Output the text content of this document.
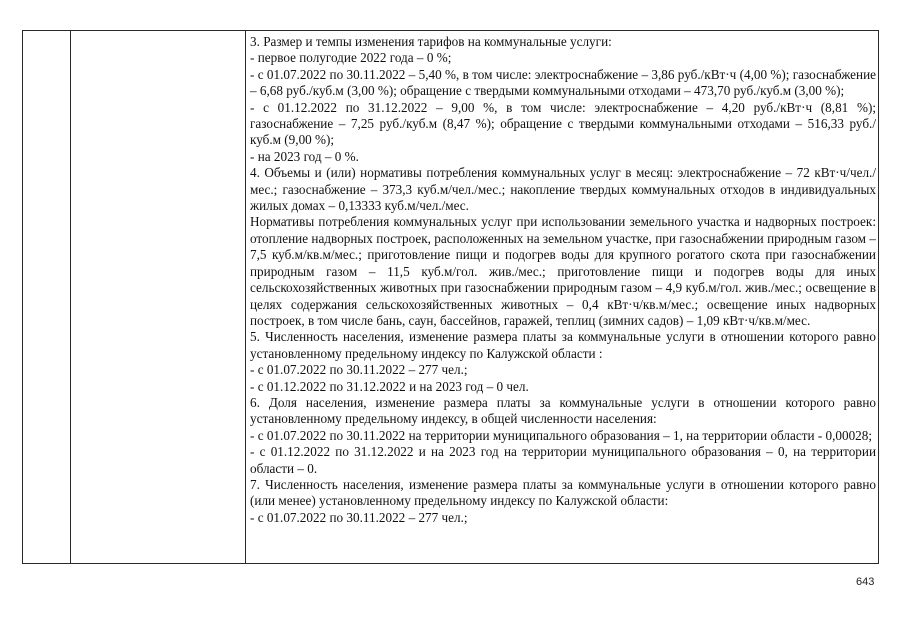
3. Размер и темпы изменения тарифов на коммунальные услуги:

- первое полугодие 2022 года – 0 %;

- с 01.07.2022 по 30.11.2022 – 5,40 %, в том числе: электроснабжение – 3,86 руб./кВт·ч (4,00 %); газоснабжение – 6,68 руб./куб.м (3,00 %); обращение с твердыми коммунальными отходами – 473,70 руб./куб.м (3,00 %);

- с 01.12.2022 по 31.12.2022 – 9,00 %, в том числе: электроснабжение – 4,20 руб./кВт·ч (8,81 %); газоснабжение – 7,25 руб./куб.м (8,47 %); обращение с твердыми коммунальными отходами – 516,33 руб./куб.м (9,00 %);

- на 2023 год – 0 %.

4. Объемы и (или) нормативы потребления коммунальных услуг в месяц: электроснабжение – 72 кВт·ч/чел./мес.; газоснабжение – 373,3 куб.м/чел./мес.; накопление твердых коммунальных отходов в индивидуальных жилых домах – 0,13333 куб.м/чел./мес.

Нормативы потребления коммунальных услуг при использовании земельного участка и надворных построек: отопление надворных построек, расположенных на земельном участке, при газоснабжении природным газом – 7,5 куб.м/кв.м/мес.; приготовление пищи и подогрев воды для крупного рогатого скота при газоснабжении природным газом – 11,5 куб.м/гол. жив./мес.; приготовление пищи и подогрев воды для иных сельскохозяйственных животных при газоснабжении природным газом – 4,9 куб.м/гол. жив./мес.; освещение в целях содержания сельскохозяйственных животных – 0,4 кВт·ч/кв.м/мес.; освещение иных надворных построек, в том числе бань, саун, бассейнов, гаражей, теплиц (зимних садов) – 1,09 кВт·ч/кв.м/мес.

5. Численность населения, изменение размера платы за коммунальные услуги в отношении которого равно установленному предельному индексу по Калужской области :

- с 01.07.2022 по 30.11.2022 – 277 чел.;

- с 01.12.2022 по 31.12.2022 и на 2023 год – 0 чел.

6. Доля населения, изменение размера платы за коммунальные услуги в отношении которого равно установленному предельному индексу, в общей численности населения:

- с 01.07.2022 по 30.11.2022 на территории муниципального образования – 1, на территории области - 0,00028;

- с 01.12.2022 по 31.12.2022 и на 2023 год на территории муниципального образования – 0, на территории области – 0.

7. Численность населения, изменение размера платы за коммунальные услуги в отношении которого равно (или менее) установленному предельному индексу по Калужской области:

- с 01.07.2022 по 30.11.2022 – 277 чел.;

643
